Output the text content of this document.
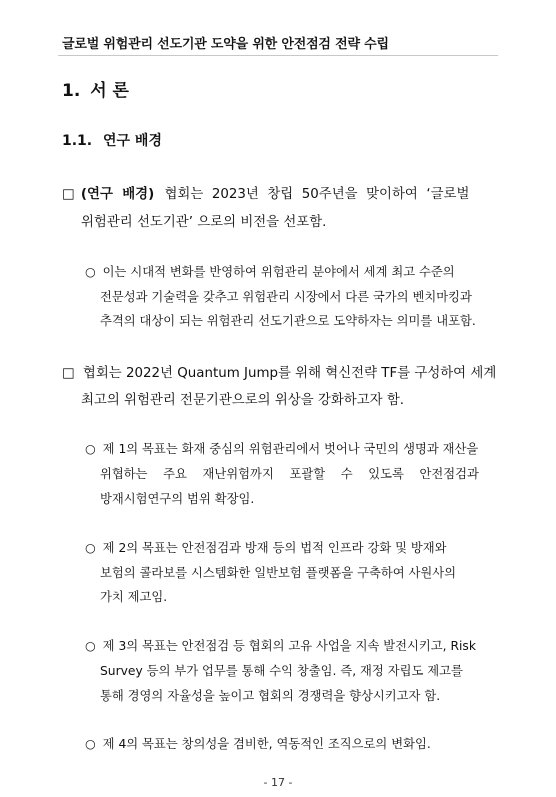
글로벌 위험관리 선도기관 도약을 위한 안전점검 전략 수립
1. 서 론
1.1. 연구 배경
□ (연구  배경) 협회는  2023년  창립  50주년을  맞이하여  ‘글로벌
위험관리 선도기관’ 으로의 비전을 선포함.
○ 이는 시대적 변화를 반영하여 위험관리 분야에서 세계 최고 수준의
전문성과 기술력을 갖추고 위험관리 시장에서 다른 국가의 벤치마킹과
추격의 대상이 되는 위험관리 선도기관으로 도약하자는 의미를 내포함.
□ 협회는 2022년 Quantum Jump를 위해 혁신전략 TF를 구성하여 세계
최고의 위험관리 전문기관으로의 위상을 강화하고자 함.
○ 제 1의 목표는 화재 중심의 위험관리에서 벗어나 국민의 생명과 재산을
위협하는    주요    재난위험까지    포괄할    수    있도록    안전점검과
방재시험연구의 범위 확장임.
○ 제 2의 목표는 안전점검과 방재 등의 법적 인프라 강화 및 방재와
보험의 콜라보를 시스템화한 일반보험 플랫폼을 구축하여 사원사의
가치 제고임.
○ 제 3의 목표는 안전점검 등 협회의 고유 사업을 지속 발전시키고, Risk
Survey 등의 부가 업무를 통해 수익 창출임. 즉, 재정 자립도 제고를
통해 경영의 자율성을 높이고 협회의 경쟁력을 향상시키고자 함.
○ 제 4의 목표는 창의성을 겸비한, 역동적인 조직으로의 변화임.
- 17 -
